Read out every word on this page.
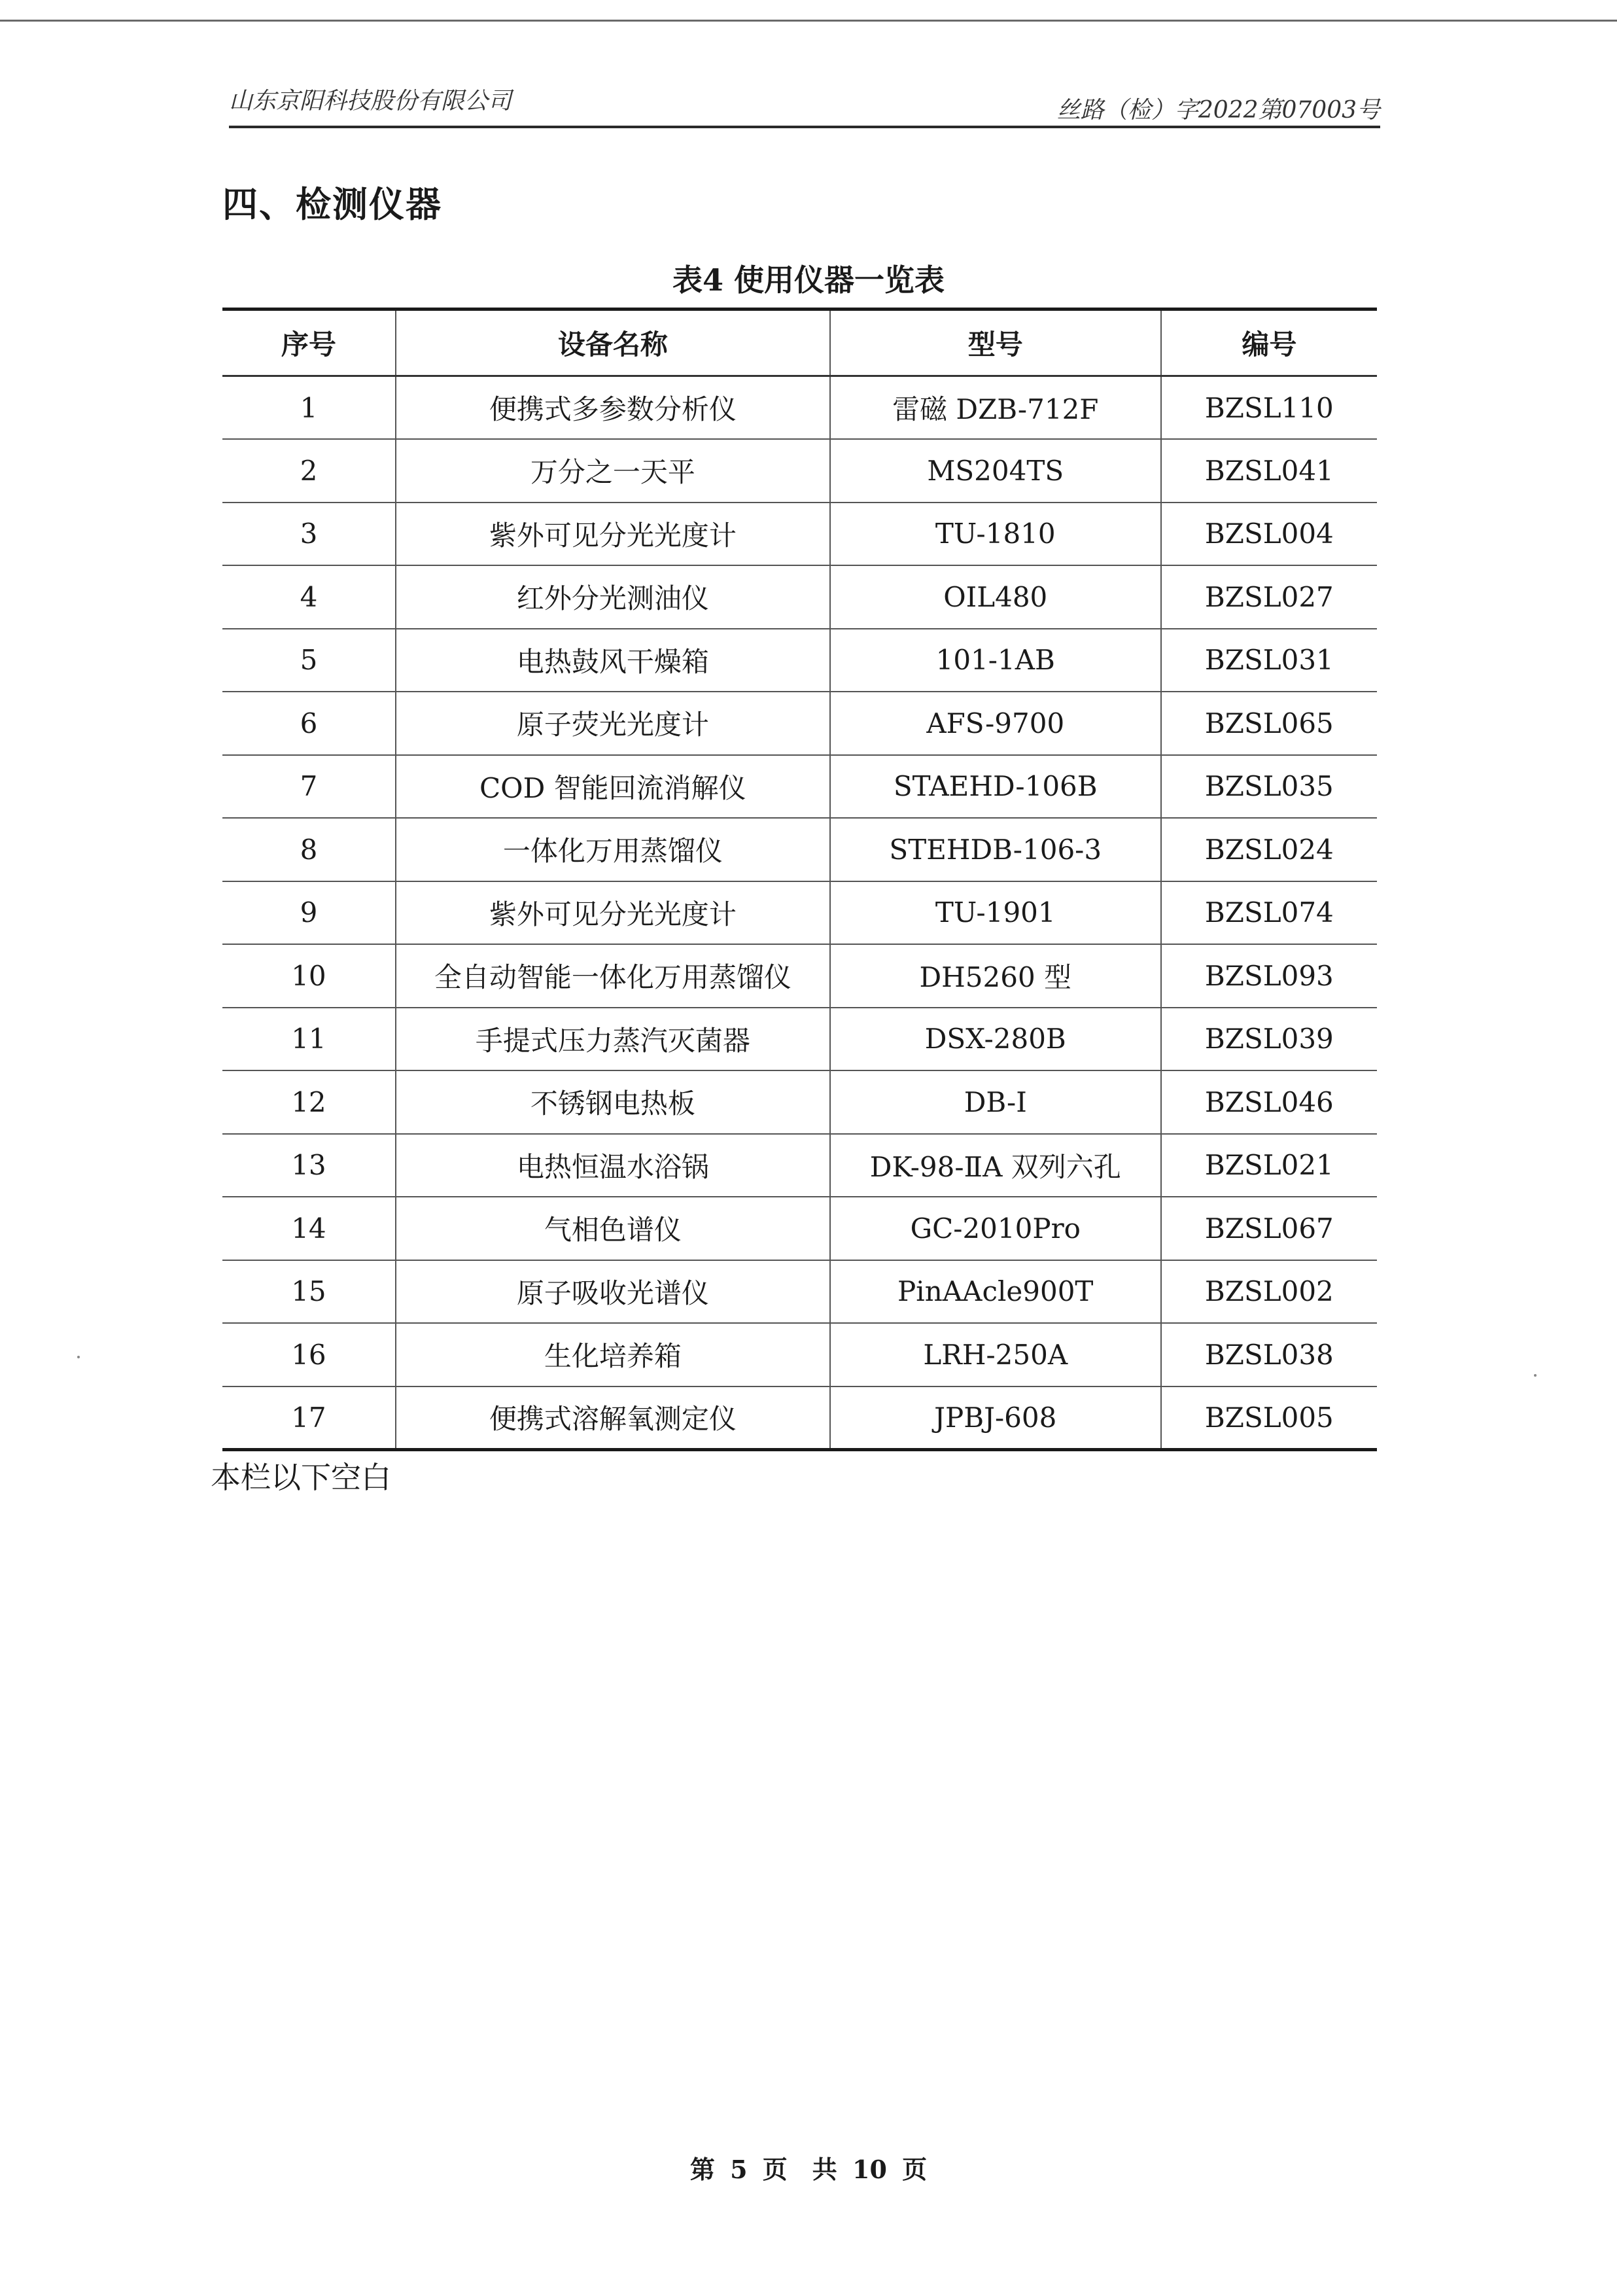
山东京阳科技股份有限公司	丝路（检）字2022第07003号
四、检测仪器
表4 使用仪器一览表
序号	设备名称	型号	编号
1	便携式多参数分析仪	雷磁 DZB-712F	BZSL110
2	万分之一天平	MS204TS	BZSL041
3	紫外可见分光光度计	TU-1810	BZSL004
4	红外分光测油仪	OIL480	BZSL027
5	电热鼓风干燥箱	101-1AB	BZSL031
6	原子荧光光度计	AFS-9700	BZSL065
7	COD 智能回流消解仪	STAEHD-106B	BZSL035
8	一体化万用蒸馏仪	STEHDB-106-3	BZSL024
9	紫外可见分光光度计	TU-1901	BZSL074
10	全自动智能一体化万用蒸馏仪	DH5260 型	BZSL093
11	手提式压力蒸汽灭菌器	DSX-280B	BZSL039
12	不锈钢电热板	DB-I	BZSL046
13	电热恒温水浴锅	DK-98-ⅡA 双列六孔	BZSL021
14	气相色谱仪	GC-2010Pro	BZSL067
15	原子吸收光谱仪	PinAAcle900T	BZSL002
16	生化培养箱	LRH-250A	BZSL038
17	便携式溶解氧测定仪	JPBJ-608	BZSL005
本栏以下空白
第 5 页　共 10 页
